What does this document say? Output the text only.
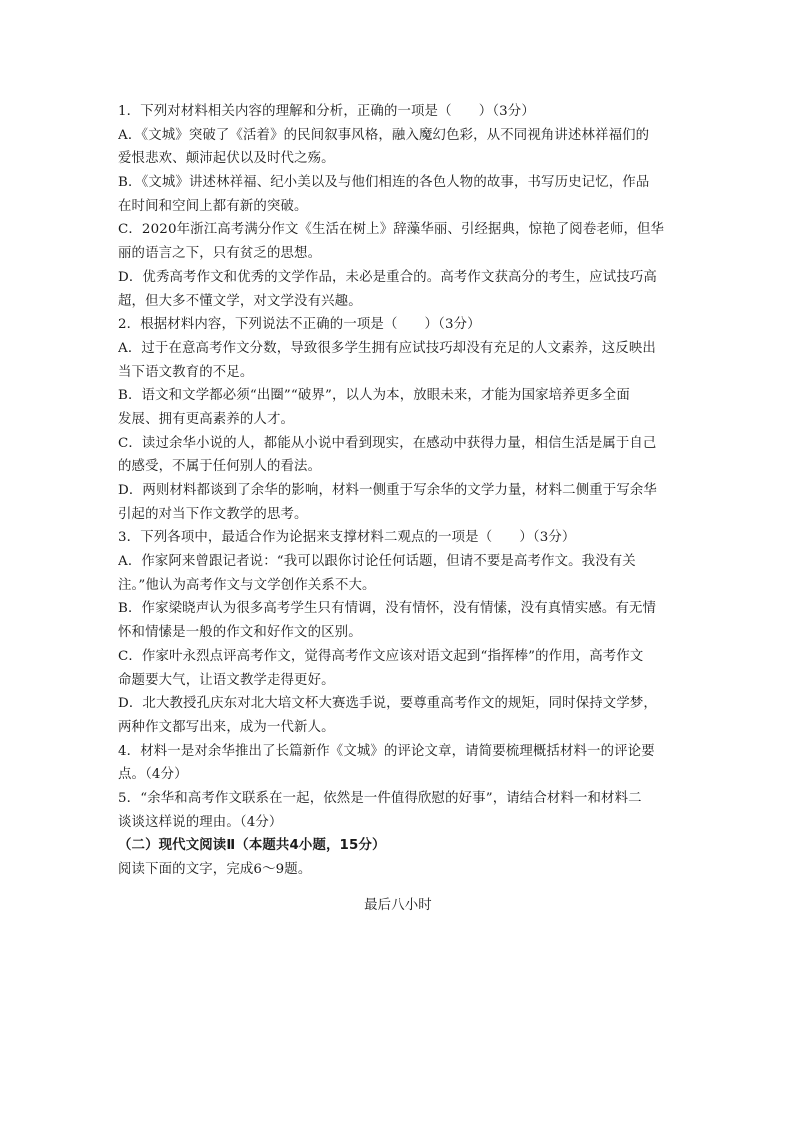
1．下列对材料相关内容的理解和分析，正确的一项是（　　）（3分）
A．《文城》突破了《活着》的民间叙事风格，融入魔幻色彩，从不同视角讲述林祥福们的
爱恨悲欢、颠沛起伏以及时代之殇。
B．《文城》讲述林祥福、纪小美以及与他们相连的各色人物的故事，书写历史记忆，作品
在时间和空间上都有新的突破。
C．2020年浙江高考满分作文《生活在树上》辞藻华丽、引经据典，惊艳了阅卷老师，但华
丽的语言之下，只有贫乏的思想。
D．优秀高考作文和优秀的文学作品，未必是重合的。高考作文获高分的考生，应试技巧高
超，但大多不懂文学，对文学没有兴趣。
2．根据材料内容，下列说法不正确的一项是（　　）（3分）
A．过于在意高考作文分数，导致很多学生拥有应试技巧却没有充足的人文素养，这反映出
当下语文教育的不足。
B．语文和文学都必须“出圈”“破界”，以人为本，放眼未来，才能为国家培养更多全面
发展、拥有更高素养的人才。
C．读过余华小说的人，都能从小说中看到现实，在感动中获得力量，相信生活是属于自己
的感受，不属于任何别人的看法。
D．两则材料都谈到了余华的影响，材料一侧重于写余华的文学力量，材料二侧重于写余华
引起的对当下作文教学的思考。
3．下列各项中，最适合作为论据来支撑材料二观点的一项是（　　）（3分）
A．作家阿来曾跟记者说：“我可以跟你讨论任何话题，但请不要是高考作文。我没有关
注。”他认为高考作文与文学创作关系不大。
B．作家梁晓声认为很多高考学生只有情调，没有情怀，没有情愫，没有真情实感。有无情
怀和情愫是一般的作文和好作文的区别。
C．作家叶永烈点评高考作文，觉得高考作文应该对语文起到“指挥棒”的作用，高考作文
命题要大气，让语文教学走得更好。
D．北大教授孔庆东对北大培文杯大赛选手说，要尊重高考作文的规矩，同时保持文学梦，
两种作文都写出来，成为一代新人。
4．材料一是对余华推出了长篇新作《文城》的评论文章，请简要梳理概括材料一的评论要
点。（4分）
5．“余华和高考作文联系在一起，依然是一件值得欣慰的好事”，请结合材料一和材料二
谈谈这样说的理由。（4分）
（二）现代文阅读Ⅱ（本题共4小题，15分）
阅读下面的文字，完成6～9题。
最后八小时
